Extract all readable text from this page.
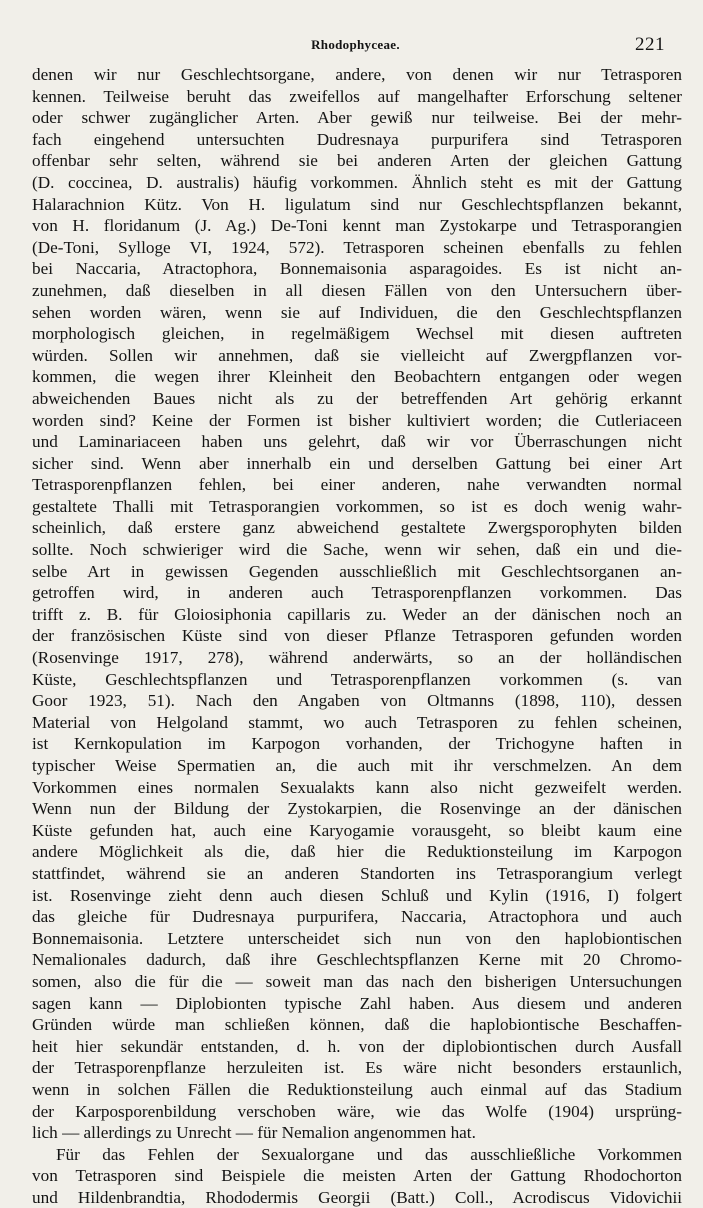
Rhodophyceae.	221
denen wir nur Geschlechtsorgane, andere, von denen wir nur Tetrasporen
kennen. Teilweise beruht das zweifellos auf mangelhafter Erforschung seltener
oder schwer zugänglicher Arten. Aber gewiß nur teilweise. Bei der mehr-
fach eingehend untersuchten Dudresnaya purpurifera sind Tetrasporen
offenbar sehr selten, während sie bei anderen Arten der gleichen Gattung
(D. coccinea, D. australis) häufig vorkommen. Ähnlich steht es mit der Gattung
Halarachnion Kütz. Von H. ligulatum sind nur Geschlechtspflanzen bekannt,
von H. floridanum (J. Ag.) De-Toni kennt man Zystokarpe und Tetrasporangien
(De-Toni, Sylloge VI, 1924, 572). Tetrasporen scheinen ebenfalls zu fehlen
bei Naccaria, Atractophora, Bonnemaisonia asparagoides. Es ist nicht an-
zunehmen, daß dieselben in all diesen Fällen von den Untersuchern über-
sehen worden wären, wenn sie auf Individuen, die den Geschlechtspflanzen
morphologisch gleichen, in regelmäßigem Wechsel mit diesen auftreten
würden. Sollen wir annehmen, daß sie vielleicht auf Zwergpflanzen vor-
kommen, die wegen ihrer Kleinheit den Beobachtern entgangen oder wegen
abweichenden Baues nicht als zu der betreffenden Art gehörig erkannt
worden sind? Keine der Formen ist bisher kultiviert worden; die Cutleriaceen
und Laminariaceen haben uns gelehrt, daß wir vor Überraschungen nicht
sicher sind. Wenn aber innerhalb ein und derselben Gattung bei einer Art
Tetrasporenpflanzen fehlen, bei einer anderen, nahe verwandten normal
gestaltete Thalli mit Tetrasporangien vorkommen, so ist es doch wenig wahr-
scheinlich, daß erstere ganz abweichend gestaltete Zwergsporophyten bilden
sollte. Noch schwieriger wird die Sache, wenn wir sehen, daß ein und die-
selbe Art in gewissen Gegenden ausschließlich mit Geschlechtsorganen an-
getroffen wird, in anderen auch Tetrasporenpflanzen vorkommen. Das
trifft z. B. für Gloiosiphonia capillaris zu. Weder an der dänischen noch an
der französischen Küste sind von dieser Pflanze Tetrasporen gefunden worden
(Rosenvinge 1917, 278), während anderwärts, so an der holländischen
Küste, Geschlechtspflanzen und Tetrasporenpflanzen vorkommen (s. van
Goor 1923, 51). Nach den Angaben von Oltmanns (1898, 110), dessen
Material von Helgoland stammt, wo auch Tetrasporen zu fehlen scheinen,
ist Kernkopulation im Karpogon vorhanden, der Trichogyne haften in
typischer Weise Spermatien an, die auch mit ihr verschmelzen. An dem
Vorkommen eines normalen Sexualakts kann also nicht gezweifelt werden.
Wenn nun der Bildung der Zystokarpien, die Rosenvinge an der dänischen
Küste gefunden hat, auch eine Karyogamie vorausgeht, so bleibt kaum eine
andere Möglichkeit als die, daß hier die Reduktionsteilung im Karpogon
stattfindet, während sie an anderen Standorten ins Tetrasporangium verlegt
ist. Rosenvinge zieht denn auch diesen Schluß und Kylin (1916, I) folgert
das gleiche für Dudresnaya purpurifera, Naccaria, Atractophora und auch
Bonnemaisonia. Letztere unterscheidet sich nun von den haplobiontischen
Nemalionales dadurch, daß ihre Geschlechtspflanzen Kerne mit 20 Chromo-
somen, also die für die — soweit man das nach den bisherigen Untersuchungen
sagen kann — Diplobionten typische Zahl haben. Aus diesem und anderen
Gründen würde man schließen können, daß die haplobiontische Beschaffen-
heit hier sekundär entstanden, d. h. von der diplobiontischen durch Ausfall
der Tetrasporenpflanze herzuleiten ist. Es wäre nicht besonders erstaunlich,
wenn in solchen Fällen die Reduktionsteilung auch einmal auf das Stadium
der Karposporenbildung verschoben wäre, wie das Wolfe (1904) ursprüng-
lich — allerdings zu Unrecht — für Nemalion angenommen hat.
Für das Fehlen der Sexualorgane und das ausschließliche Vorkommen
von Tetrasporen sind Beispiele die meisten Arten der Gattung Rhodochorton
und Hildenbrandtia, Rhododermis Georgii (Batt.) Coll., Acrodiscus Vidovichii
